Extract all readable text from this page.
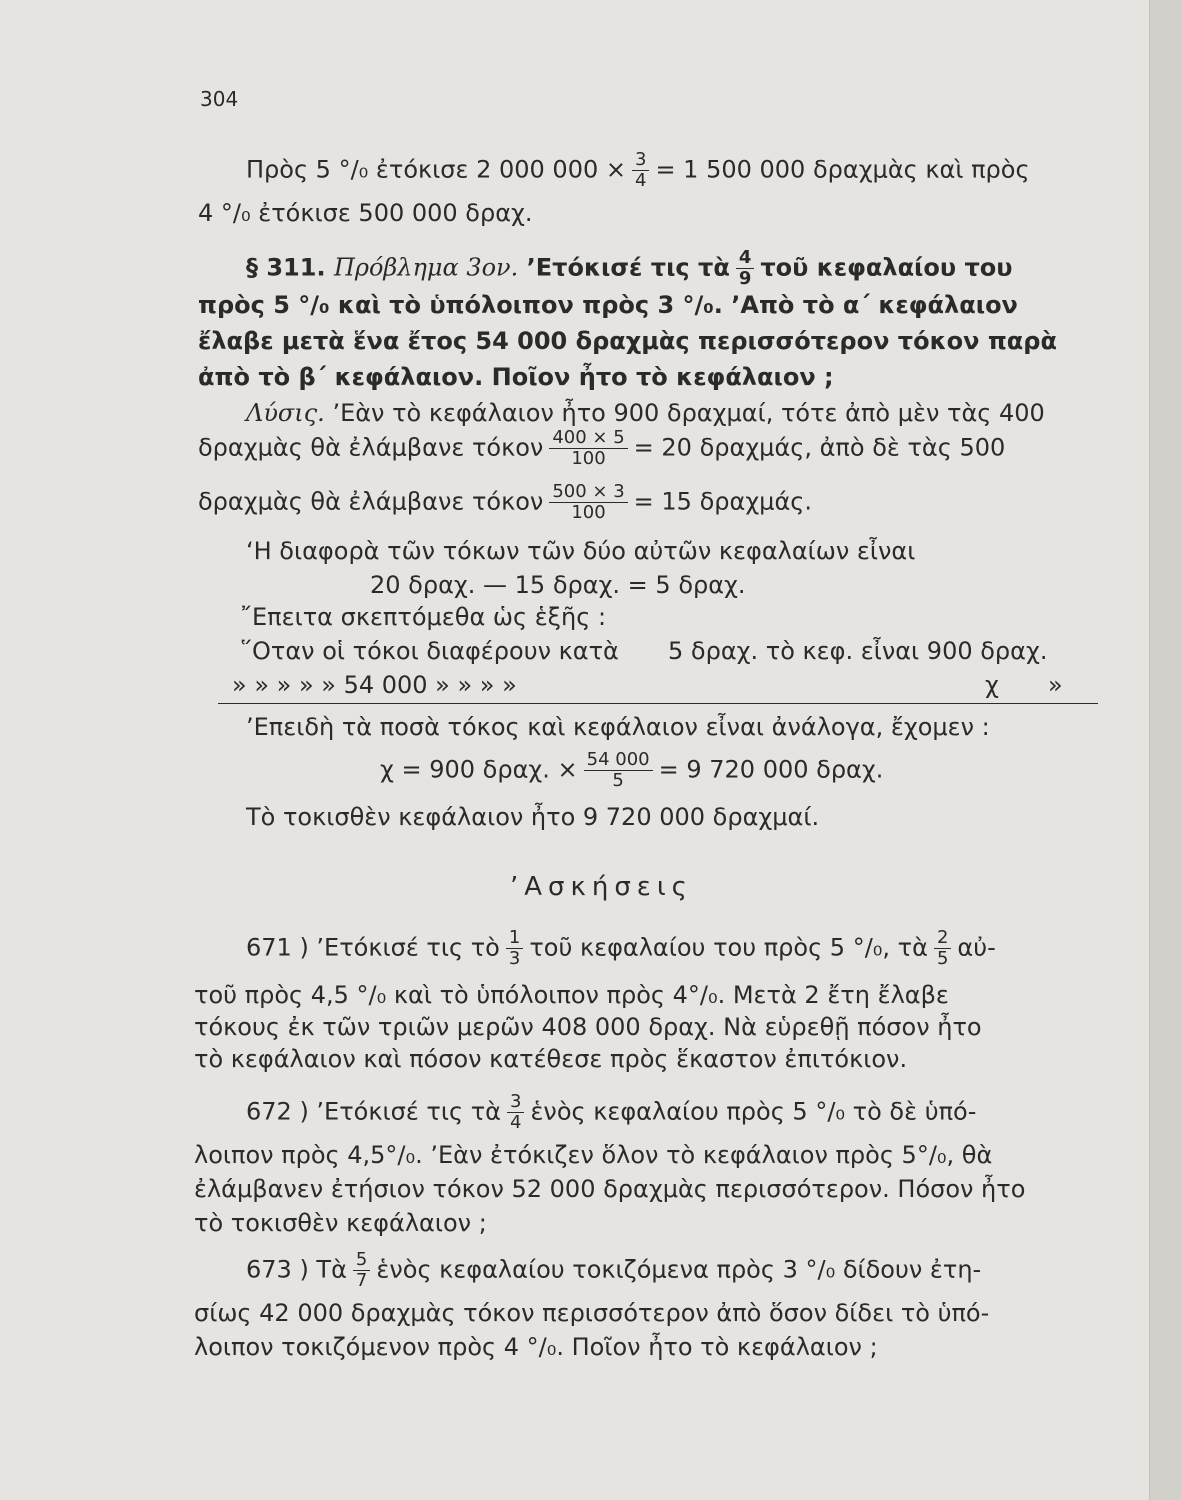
304
Πρὸς 5 °/₀ ἐτόκισε 2 000 $000 \times \frac{3}{4} = 1$ 500 000 δραχμὰς καὶ πρὸς
4 °/₀ ἐτόκισε 500 000 δραχ.
§ 311. Πρόβλημα 3ον. ’Ετόκισέ τις τὰ $\frac{4}{9}$ τοῦ κεφαλαίου του
πρὸς 5 °/₀ καὶ τὸ ὑπόλοιπον πρὸς 3 °/₀. ’Απὸ τὸ α΄ κεφάλαιον
ἔλαβε μετὰ ἕνα ἔτος 54 000 δραχμὰς περισσότερον τόκον παρὰ
ἀπὸ τὸ β΄ κεφάλαιον. Ποῖον ἦτο τὸ κεφάλαιον ;
Λύσις. ’Εὰν τὸ κεφάλαιον ἦτο 900 δραχμαί, τότε ἀπὸ μὲν τὰς 400
δραχμὰς θὰ ἐλάμβανε τόκον $\frac{400 \times 5}{100} = 20$ δραχμάς, ἀπὸ δὲ τὰς 500
δραχμὰς θὰ ἐλάμβανε τόκον $\frac{500 \times 3}{100} = 15$ δραχμάς.
‘Η διαφορὰ τῶν τόκων τῶν δύο αὐτῶν κεφαλαίων εἶναι
20 δραχ. — 15 δραχ. = 5 δραχ.
῎Επειτα σκεπτόμεθα ὡς ἑξῆς :
῞Οταν οἱ τόκοι διαφέρουν κατὰ 5 δραχ. τὸ κεφ. εἶναι 900 δραχ.
» » » » » 54 000 » » » »	χ »
’Επειδὴ τὰ ποσὰ τόκος καὶ κεφάλαιον εἶναι ἀνάλογα, ἔχομεν :
χ = 900 δραχ. × $\frac{54 000}{5} = 9$ 720 000 δραχ.
Τὸ τοκισθὲν κεφάλαιον ἦτο 9 720 000 δραχμαί.
’Ασκήσεις
671 ) ’Ετόκισέ τις τὸ $\frac{1}{3}$ τοῦ κεφαλαίου του πρὸς 5 °/₀, τὰ $\frac{2}{5}$ αὐ-
τοῦ πρὸς 4,5 °/₀ καὶ τὸ ὑπόλοιπον πρὸς 4°/₀. Μετὰ 2 ἔτη ἔλαβε
τόκους ἐκ τῶν τριῶν μερῶν 408 000 δραχ. Νὰ εὑρεθῇ πόσον ἦτο
τὸ κεφάλαιον καὶ πόσον κατέθεσε πρὸς ἕκαστον ἐπιτόκιον.
672 ) ’Ετόκισέ τις τὰ $\frac{3}{4}$ ἑνὸς κεφαλαίου πρὸς 5 °/₀ τὸ δὲ ὑπό-
λοιπον πρὸς 4,5°/₀. ’Εὰν ἐτόκιζεν ὅλον τὸ κεφάλαιον πρὸς 5°/₀, θὰ
ἐλάμβανεν ἐτήσιον τόκον 52 000 δραχμὰς περισσότερον. Πόσον ἦτο
τὸ τοκισθὲν κεφάλαιον ;
673 ) Τὰ $\frac{5}{7}$ ἑνὸς κεφαλαίου τοκιζόμενα πρὸς 3 °/₀ δίδουν ἐτη-
σίως 42 000 δραχμὰς τόκον περισσότερον ἀπὸ ὅσον δίδει τὸ ὑπό-
λοιπον τοκιζόμενον πρὸς 4 °/₀. Ποῖον ἦτο τὸ κεφάλαιον ;
